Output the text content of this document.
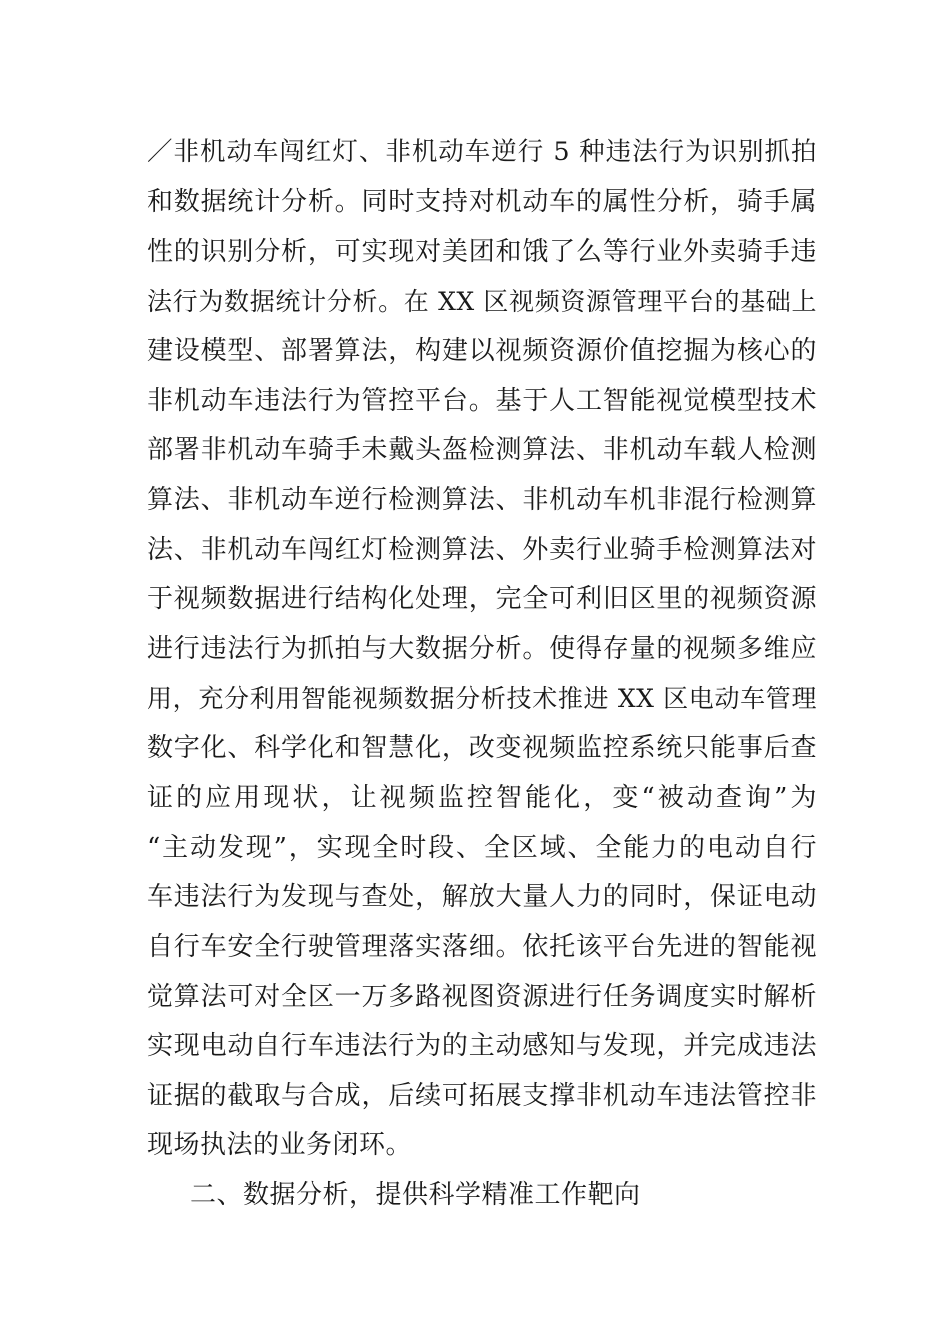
／非机动车闯红灯、非机动车逆行 5 种违法行为识别抓拍
和数据统计分析。同时支持对机动车的属性分析，骑手属
性的识别分析，可实现对美团和饿了么等行业外卖骑手违
法行为数据统计分析。在 XX 区视频资源管理平台的基础上
建设模型、部署算法，构建以视频资源价值挖掘为核心的
非机动车违法行为管控平台。基于人工智能视觉模型技术
部署非机动车骑手未戴头盔检测算法、非机动车载人检测
算法、非机动车逆行检测算法、非机动车机非混行检测算
法、非机动车闯红灯检测算法、外卖行业骑手检测算法对
于视频数据进行结构化处理，完全可利旧区里的视频资源
进行违法行为抓拍与大数据分析。使得存量的视频多维应
用，充分利用智能视频数据分析技术推进 XX 区电动车管理
数字化、科学化和智慧化，改变视频监控系统只能事后查
证的应用现状，让视频监控智能化，变“被动查询”为
“主动发现”，实现全时段、全区域、全能力的电动自行
车违法行为发现与查处，解放大量人力的同时，保证电动
自行车安全行驶管理落实落细。依托该平台先进的智能视
觉算法可对全区一万多路视图资源进行任务调度实时解析
实现电动自行车违法行为的主动感知与发现，并完成违法
证据的截取与合成，后续可拓展支撑非机动车违法管控非
现场执法的业务闭环。
二、数据分析，提供科学精准工作靶向
